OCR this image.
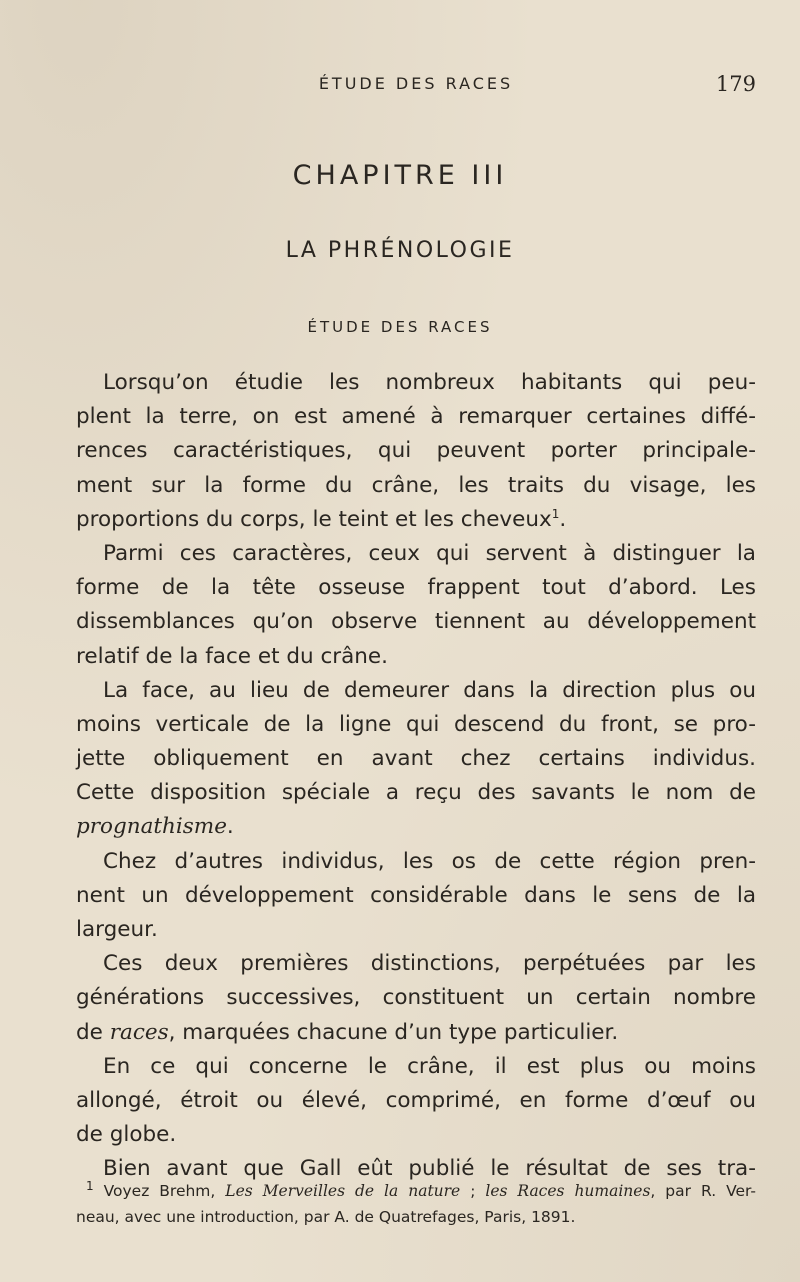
ÉTUDE DES RACES	179
CHAPITRE III
LA PHRÉNOLOGIE
ÉTUDE DES RACES
Lorsqu’on étudie les nombreux habitants qui peu-
plent la terre, on est amené à remarquer certaines diffé-
rences caractéristiques, qui peuvent porter principale-
ment sur la forme du crâne, les traits du visage, les
proportions du corps, le teint et les cheveux$^1$.
Parmi ces caractères, ceux qui servent à distinguer la
forme de la tête osseuse frappent tout d’abord. Les
dissemblances qu’on observe tiennent au développement
relatif de la face et du crâne.
La face, au lieu de demeurer dans la direction plus ou
moins verticale de la ligne qui descend du front, se pro-
jette obliquement en avant chez certains individus.
Cette disposition spéciale a reçu des savants le nom de
prognathisme.
Chez d’autres individus, les os de cette région pren-
nent un développement considérable dans le sens de la
largeur.
Ces deux premières distinctions, perpétuées par les
générations successives, constituent un certain nombre
de races, marquées chacune d’un type particulier.
En ce qui concerne le crâne, il est plus ou moins
allongé, étroit ou élevé, comprimé, en forme d’œuf ou
de globe.
Bien avant que Gall eût publié le résultat de ses tra-
$^1$ Voyez Brehm, Les Merveilles de la nature ; les Races humaines, par R. Ver-
neau, avec une introduction, par A. de Quatrefages, Paris, 1891.
